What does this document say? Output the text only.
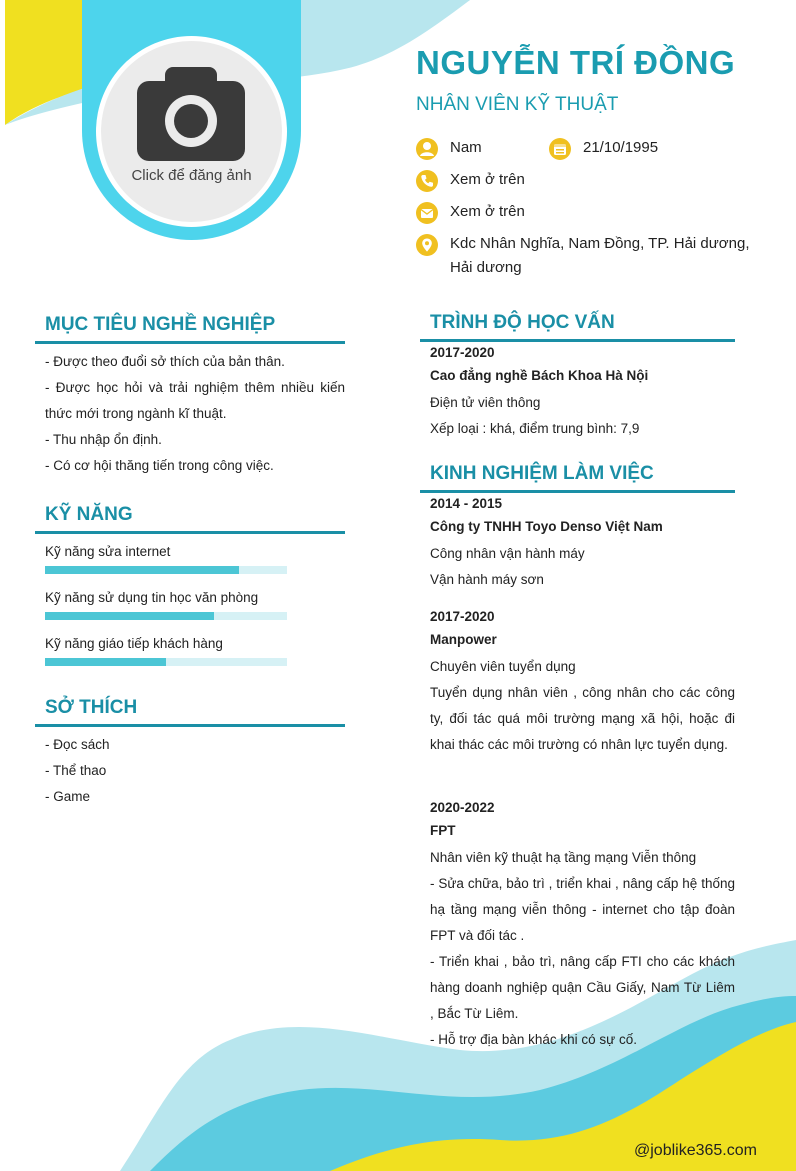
Click để đăng ảnh
NGUYỄN TRÍ ĐỒNG
NHÂN VIÊN KỸ THUẬT
Nam	21/10/1995
Xem ở trên
Xem ở trên
Kdc Nhân Nghĩa, Nam Đồng, TP. Hải dương, Hải dương
MỤC TIÊU NGHỀ NGHIỆP
- Được theo đuổi sở thích của bản thân.
- Được học hỏi và trải nghiệm thêm nhiều kiến thức mới trong ngành kĩ thuật.
- Thu nhập ổn định.
- Có cơ hội thăng tiến trong công việc.
KỸ NĂNG
Kỹ năng sửa internet
Kỹ năng sử dụng tin học văn phòng
Kỹ năng giáo tiếp khách hàng
SỞ THÍCH
- Đọc sách
- Thể thao
- Game
TRÌNH ĐỘ HỌC VẤN
2017-2020
Cao đẳng nghề Bách Khoa Hà Nội
Điện tử viên thông
Xếp loại : khá, điểm trung bình: 7,9
KINH NGHIỆM LÀM VIỆC
2014 - 2015
Công ty TNHH Toyo Denso Việt Nam
Công nhân vận hành máy
Vận hành máy sơn
2017-2020
Manpower
Chuyên viên tuyển dụng
Tuyển dụng nhân viên , công nhân cho các công ty, đối tác quá môi trường mạng xã hội, hoặc đi khai thác các môi trường có nhân lực tuyển dụng.
2020-2022
FPT
Nhân viên kỹ thuật hạ tầng mạng Viễn thông
- Sửa chữa, bảo trì , triển khai , nâng cấp hệ thống hạ tầng mạng viễn thông - internet cho tập đoàn FPT và đối tác .
- Triển khai , bảo trì, nâng cấp FTI cho các khách hàng doanh nghiệp quận Cầu Giấy, Nam Từ Liêm , Bắc Từ Liêm.
- Hỗ trợ địa bàn khác khi có sự cố.
@joblike365.com
